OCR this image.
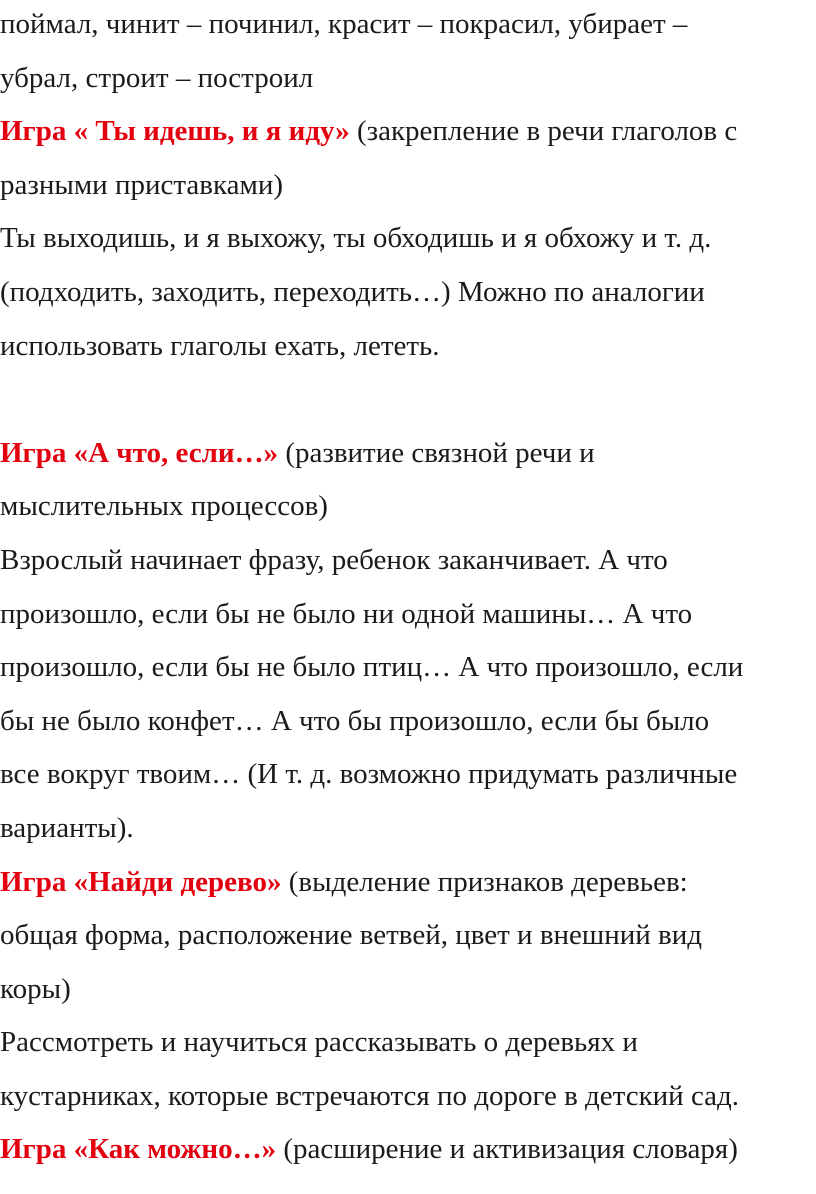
поймал, чинит – починил, красит – покрасил, убирает –
убрал, строит – построил
Игра « Ты идешь, и я иду» (закрепление в речи глаголов с
разными приставками)
Ты выходишь, и я выхожу, ты обходишь и я обхожу и т. д.
(подходить, заходить, переходить…) Можно по аналогии
использовать глаголы ехать, лететь.
Игра «А что, если…» (развитие связной речи и
мыслительных процессов)
Взрослый начинает фразу, ребенок заканчивает. А что
произошло, если бы не было ни одной машины… А что
произошло, если бы не было птиц… А что произошло, если
бы не было конфет… А что бы произошло, если бы было
все вокруг твоим… (И т. д. возможно придумать различные
варианты).
Игра «Найди дерево» (выделение признаков деревьев:
общая форма, расположение ветвей, цвет и внешний вид
коры)
Рассмотреть и научиться рассказывать о деревьях и
кустарниках, которые встречаются по дороге в детский сад.
Игра «Как можно…» (расширение и активизация словаря)
